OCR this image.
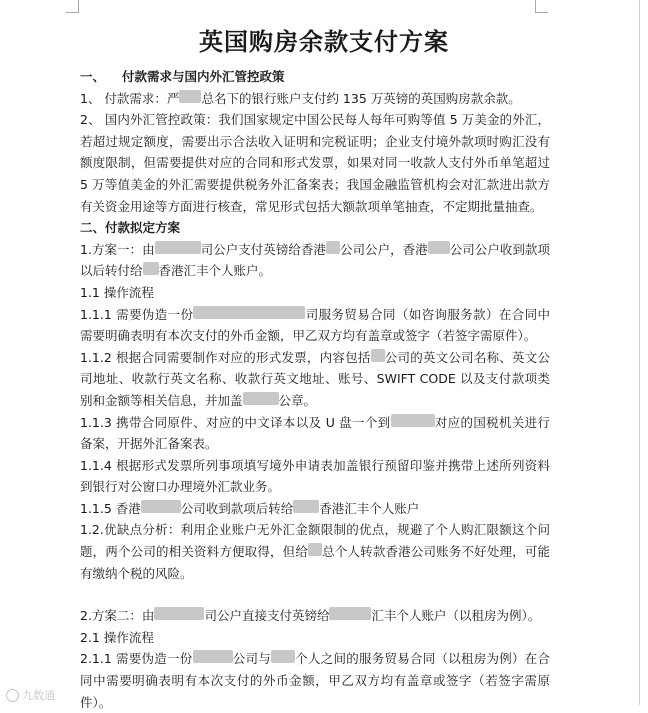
英国购房余款支付方案

一、 付款需求与国内外汇管控政策

1、 付款需求：严 总名下的银行账户支付约 135 万英镑的英国购房款余款。

2、 国内外汇管控政策：我们国家规定中国公民每人每年可购等值 5 万美金的外汇，若超过规定额度，需要出示合法收入证明和完税证明；企业支付境外款项时购汇没有额度限制，但需要提供对应的合同和形式发票，如果对同一收款人支付外币单笔超过 5 万等值美金的外汇需要提供税务外汇备案表；我国金融监管机构会对汇款进出款方有关资金用途等方面进行核查，常见形式包括大额款项单笔抽查，不定期批量抽查。

二、付款拟定方案

1.方案一：由	司公户支付英镑给香港 公司公户，香港 公司公户收到款项以后转付给 香港汇丰个人账户。

1.1 操作流程

1.1.1 需要伪造一份	司服务贸易合同（如咨询服务款）在合同中需要明确表明有本次支付的外币金额，甲乙双方均有盖章或签字（若签字需原件）。

1.1.2 根据合同需要制作对应的形式发票，内容包括 公司的英文公司名称、英文公司地址、收款行英文名称、收款行英文地址、账号、SWIFT CODE 以及支付款项类别和金额等相关信息，并加盖	公章。

1.1.3 携带合同原件、对应的中文译本以及 U 盘一个到	对应的国税机关进行备案，开据外汇备案表。

1.1.4 根据形式发票所列事项填写境外申请表加盖银行预留印鉴并携带上述所列资料到银行对公窗口办理境外汇款业务。

1.1.5 香港	公司收到款项后转给 香港汇丰个人账户

1.2.优缺点分析：利用企业账户无外汇金额限制的优点，规避了个人购汇限额这个问题，两个公司的相关资料方便取得，但给 总个人转款香港公司账务不好处理，可能有缴纳个税的风险。

2.方案二：由	司公户直接支付英镑给	汇丰个人账户（以租房为例）。

2.1 操作流程

2.1.1 需要伪造一份	公司与 个人之间的服务贸易合同（以租房为例）在合同中需要明确表明有本次支付的外币金额，甲乙双方均有盖章或签字（若签字需原件）。

九数通
